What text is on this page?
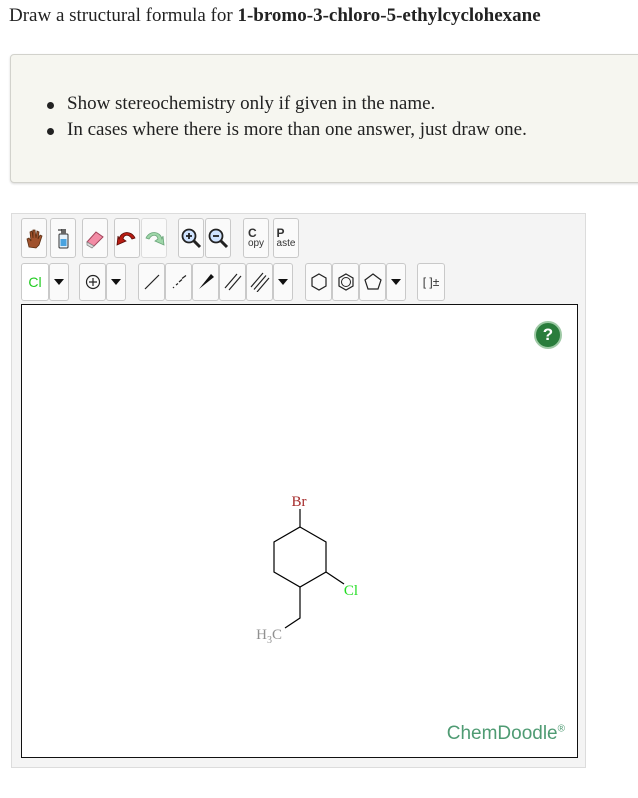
Draw a structural formula for 1-bromo-3-chloro-5-ethylcyclohexane
Show stereochemistry only if given in the name.
In cases where there is more than one answer, just draw one.
C
opy
P
aste
Cl	[ ]±
?
Br
Cl
$H_3C$
ChemDoodle®
